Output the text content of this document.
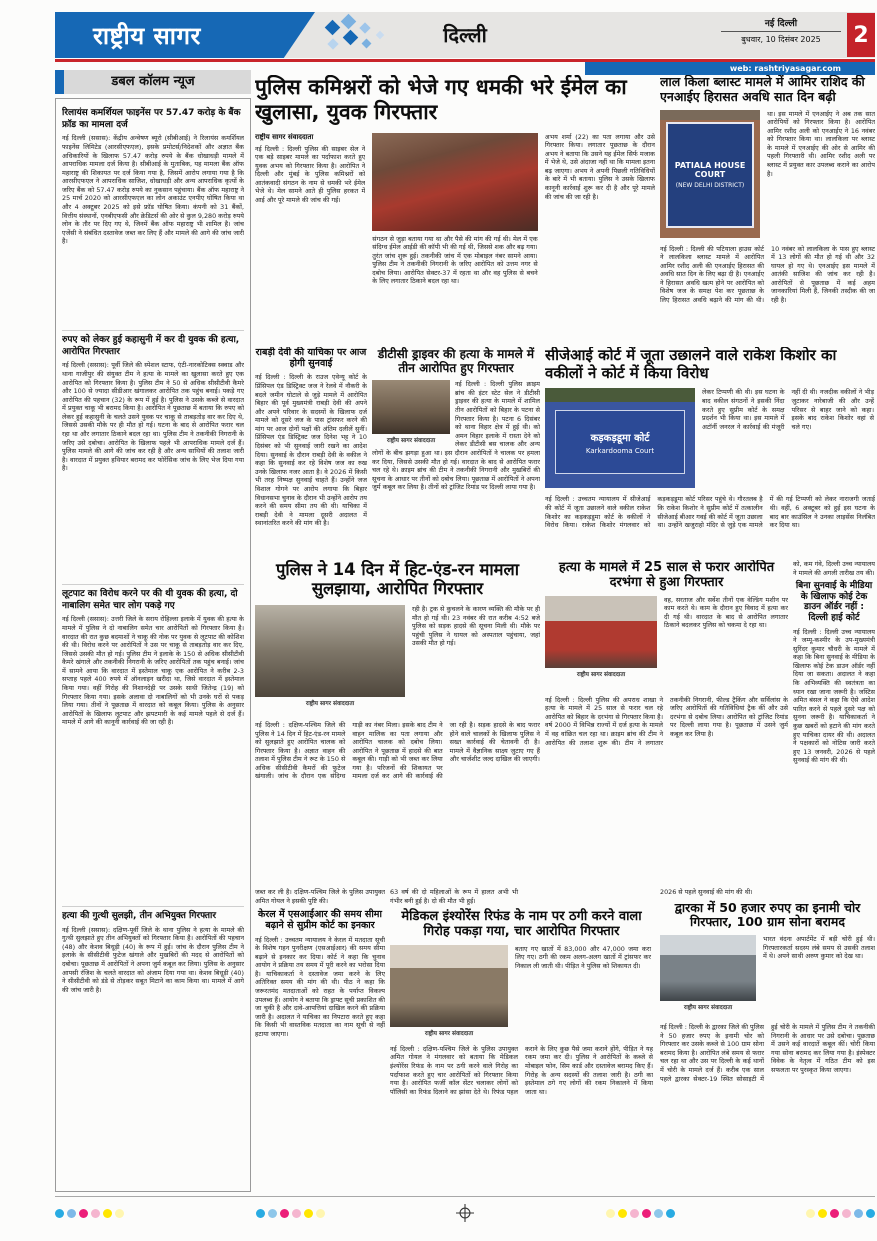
राष्ट्रीय सागर	दिल्ली	नई दिल्ली
बुधवार, 10 दिसंबर 2025	2
web: rashtriyasagar.com
डबल कॉलम न्यूज
रिलायंस कमर्शियल फाइनेंस पर 57.47 करोड़ के बैंक फ्रॉड का मामला दर्ज
नई दिल्ली (ससास): केंद्रीय अन्वेषण ब्यूरो (सीबीआई) ने रिलायंस कमर्शियल फाइनेंस लिमिटेड (आरसीएफएल), इसके प्रमोटर्स/निदेशकों और अज्ञात बैंक अधिकारियों के खिलाफ 57.47 करोड़ रुपये के बैंक धोखाधड़ी मामले में आपराधिक मामला दर्ज किया है। सीबीआई के मुताबिक, यह मामला बैंक ऑफ महाराष्ट्र की शिकायत पर दर्ज किया गया है, जिसमें आरोप लगाया गया है कि आरसीएफएल ने आपराधिक साजिश, धोखाधड़ी और अन्य आपराधिक कृत्यों के जरिए बैंक को 57.47 करोड़ रुपये का नुकसान पहुंचाया। बैंक ऑफ महाराष्ट्र ने 25 मार्च 2020 को आरसीएफएल का लोन अकाउंट एनपीए घोषित किया था और 4 अक्टूबर 2025 को इसे फ्रॉड घोषित किया। कंपनी को 31 बैंकों, वित्तीय संस्थानों, एनबीएफसी और क्रेडिटर्स की ओर से कुल 9,280 करोड़ रुपये लोन के तौर पर दिए गए थे, जिनमें बैंक ऑफ महाराष्ट्र भी शामिल है। जांच एजेंसी ने संबंधित दस्तावेज जब्त कर लिए हैं और मामले की आगे की जांच जारी है।
रुपए को लेकर हुई कहासुनी में कर दी युवक की हत्या, आरोपित गिरफ्तार
नई दिल्ली (ससास): पूर्वी जिले की स्पेशल स्टाफ, एंटी-नारकोटिक्स स्क्वाड और थाना गाजीपुर की संयुक्त टीम ने हत्या के मामले का खुलासा करते हुए एक आरोपित को गिरफ्तार किया है। पुलिस टीम ने 50 से अधिक सीसीटीवी कैमरे और 100 से ज्यादा सीडीआर खंगालकर आरोपित तक पहुंच बनाई। पकड़े गए आरोपित की पहचान (32) के रूप में हुई है। पुलिस ने उसके कब्जे से वारदात में प्रयुक्त चाकू भी बरामद किया है। आरोपित ने पूछताछ में बताया कि रुपए को लेकर हुई कहासुनी के चलते उसने युवक पर चाकू से ताबड़तोड़ वार कर दिए थे, जिससे उसकी मौके पर ही मौत हो गई। घटना के बाद से आरोपित फरार चल रहा था और लगातार ठिकाने बदल रहा था। पुलिस टीम ने तकनीकी निगरानी के जरिए उसे दबोचा। आरोपित के खिलाफ पहले भी आपराधिक मामले दर्ज हैं। पुलिस मामले की आगे की जांच कर रही है और अन्य साथियों की तलाश जारी है। वारदात में प्रयुक्त हथियार बरामद कर फोरेंसिक जांच के लिए भेज दिया गया है।
लूटपाट का विरोध करने पर की थी युवक की हत्या, दो नाबालिग समेत चार लोग पकड़े गए
नई दिल्ली (ससास): उत्तरी जिले के सराय रोहिल्ला इलाके में युवक की हत्या के मामले में पुलिस ने दो नाबालिग समेत चार आरोपितों को गिरफ्तार किया है। वारदात की रात कुछ बदमाशों ने चाकू की नोक पर युवक से लूटपाट की कोशिश की थी। विरोध करने पर आरोपितों ने उस पर चाकू से ताबड़तोड़ वार कर दिए, जिससे उसकी मौत हो गई। पुलिस टीम ने इलाके के 150 से अधिक सीसीटीवी कैमरे खंगाले और तकनीकी निगरानी के जरिए आरोपितों तक पहुंच बनाई। जांच में सामने आया कि वारदात में इस्तेमाल चाकू एक आरोपित ने करीब 2-3 सप्ताह पहले 400 रुपये में ऑनलाइन खरीदा था, जिसे वारदात में इस्तेमाल किया गया। वहीं गिरोह की निशानदेही पर उसके साथी जितेन्द्र (19) को गिरफ्तार किया गया। इसके अलावा दो नाबालिगों को भी उनके घरों से पकड़ लिया गया। तीनों ने पूछताछ में वारदात को कबूल किया। पुलिस के अनुसार आरोपितों के खिलाफ लूटपाट और झपटमारी के कई मामले पहले से दर्ज हैं। मामले में आगे की कानूनी कार्रवाई की जा रही है।
हत्या की गुत्थी सुलझी, तीन अभियुक्त गिरफ्तार
नई दिल्ली (ससास): दक्षिण-पूर्वी जिले के थाना पुलिस ने हत्या के मामले की गुत्थी सुलझाते हुए तीन अभियुक्तों को गिरफ्तार किया है। आरोपितों की पहचान (48) और केशव बिधूड़ी (40) के रूप में हुई। जांच के दौरान पुलिस टीम ने इलाके के सीसीटीवी फुटेज खंगाले और मुखबिरों की मदद से आरोपितों को दबोचा। पूछताछ में आरोपितों ने अपना जुर्म कबूल कर लिया। पुलिस के अनुसार आपसी रंजिश के चलते वारदात को अंजाम दिया गया था। केशव बिधूड़ी (40) ने सीसीटीवी को डंडे से तोड़कर सबूत मिटाने का काम किया था। मामले में आगे की जांच जारी है।
पुलिस कमिश्नरों को भेजे गए धमकी भरे ईमेल का खुलासा, युवक गिरफ्तार
राष्ट्रीय सागर संवाददाता
नई दिल्ली : दिल्ली पुलिस की साइबर सेल ने एक बड़े साइबर मामले का पर्दाफाश करते हुए युवक अभय को गिरफ्तार किया है। आरोपित ने दिल्ली और मुंबई के पुलिस कमिश्नरों को आतंकवादी संगठन के नाम से धमकी भरे ईमेल भेजे थे। मेल सामने आते ही पुलिस हरकत में आई और पूरे मामले की जांच की गई।
संगठन से जुड़ा बताया गया था और पैसे की मांग की गई थी। मेल में एक संदिग्ध ईमेल आईडी की कॉपी भी की गई थी, जिससे शक और बढ़ गया। तुरंत जांच शुरू हुई। तकनीकी जांच में एक मोबाइल नंबर सामने आया। पुलिस टीम ने तकनीकी निगरानी के जरिए आरोपित को उत्तम नगर से दबोच लिया। आरोपित सेक्टर-37 में रहता था और वह पुलिस से बचने के लिए लगातार ठिकाने बदल रहा था।
अभय शर्मा (22) का पता लगाया और उसे गिरफ्तार किया। लगातार पूछताछ के दौरान अभय ने बताया कि उसने यह ईमेल सिर्फ मजाक में भेजे थे, उसे अंदाजा नहीं था कि मामला इतना बढ़ जाएगा। अभय ने अपनी पिछली गतिविधियों के बारे में भी बताया। पुलिस ने उसके खिलाफ कानूनी कार्रवाई शुरू कर दी है और पूरे मामले की जांच की जा रही है।
लाल किला ब्लास्ट मामले में आमिर राशिद की एनआईए हिरासत अवधि सात दिन बढ़ी
PATIALA HOUSE COURT
(NEW DELHI DISTRICT)
था। इस मामले में एनआईए ने अब तक सात आरोपियों को गिरफ्तार किया है। आरोपित आमिर रशीद अली को एनआईए ने 16 नवंबर को गिरफ्तार किया था। लालकिला पर ब्लास्ट के मामले में एनआईए की ओर से आमिर की पहली गिरफ्तारी थी। आमिर रशीद अली पर ब्लास्ट में प्रयुक्त कार उपलब्ध कराने का आरोप है।
नई दिल्ली : दिल्ली की पटियाला हाउस कोर्ट ने लालकिला ब्लास्ट मामले में आरोपित आमिर रशीद अली की एनआईए हिरासत की अवधि सात दिन के लिए बढ़ा दी है। एनआईए ने हिरासत अवधि खत्म होने पर आरोपित को विशेष जज के समक्ष पेश कर पूछताछ के लिए हिरासत अवधि बढ़ाने की मांग की थी। 10 नवंबर को लालकिला के पास हुए ब्लास्ट में 13 लोगों की मौत हो गई थी और 32 घायल हो गए थे। एनआईए इस मामले में आतंकी साजिश की जांच कर रही है। आरोपितों से पूछताछ में कई अहम जानकारियां मिली हैं, जिनकी तस्दीक की जा रही है।
राबड़ी देवी की याचिका पर आज होगी सुनवाई
नई दिल्ली : दिल्ली के राउज एवेन्यू कोर्ट के प्रिंसिपल एंड डिस्ट्रिक्ट जज ने रेलवे में नौकरी के बदले जमीन घोटाले से जुड़े मामले में आरोपित बिहार की पूर्व मुख्यमंत्री राबड़ी देवी की अपने और अपने परिवार के सदस्यों के खिलाफ दर्ज मामले को दूसरे जज के पास ट्रांसफर करने की मांग पर आज दोनों पक्षों की अंतिम दलीलें सुनीं। प्रिंसिपल एंड डिस्ट्रिक्ट जज दिनेश भट्ट ने 10 दिसंबर को भी सुनवाई जारी रखने का आदेश दिया। सुनवाई के दौरान राबड़ी देवी के वकील ने कहा कि सुनवाई कर रहे विशेष जज का रुख उनके खिलाफ नजर आता है। वे 2026 में किसी भी तरह निष्पक्ष सुनवाई चाहते हैं। उन्होंने जज विशाल गोगने पर आरोप लगाया कि बिहार विधानसभा चुनाव के दौरान भी उन्होंने आरोप तय करने की समय सीमा तय की थी। याचिका में राबड़ी देवी ने मामला दूसरी अदालत में स्थानांतरित करने की मांग की है।
डीटीसी ड्राइवर की हत्या के मामले में तीन आरोपित हुए गिरफ्तार
राष्ट्रीय सागर संवाददाता
नई दिल्ली : दिल्ली पुलिस क्राइम ब्रांच की इंटर स्टेट सेल ने डीटीसी ड्राइवर की हत्या के मामले में शामिल तीन आरोपितों को बिहार के पटना से गिरफ्तार किया है। पटना 6 दिसंबर को थाना विहार क्षेत्र में हुई थी। को अमन विहार इलाके में रास्ता देने को लेकर डीटीसी बस चालक और अन्य लोगों के बीच झगड़ा हुआ था। इस दौरान आरोपितों ने चालक पर हमला कर दिया, जिससे उसकी मौत हो गई। वारदात के बाद से आरोपित फरार चल रहे थे। क्राइम ब्रांच की टीम ने तकनीकी निगरानी और मुखबिरों की सूचना के आधार पर तीनों को दबोच लिया। पूछताछ में आरोपितों ने अपना जुर्म कबूल कर लिया है। तीनों को ट्रांजिट रिमांड पर दिल्ली लाया गया है।
सीजेआई कोर्ट में जूता उछालने वाले राकेश किशोर का वकीलों ने कोर्ट में किया विरोध
कड़कड़डूमा कोर्ट
Karkardooma Court
लेकर टिप्पणी की थी। इस घटना के बाद वकील संगठनों ने इसकी निंदा करते हुए सुप्रीम कोर्ट के समक्ष प्रदर्शन भी किया था। इस मामले में अटॉर्नी जनरल ने कार्रवाई की मंजूरी नहीं दी थी। नजदीक वकीलों ने भीड़ जुटाकर नारेबाजी की और उन्हें परिसर से बाहर जाने को कहा। इसके बाद राकेश किशोर वहां से चले गए।
नई दिल्ली : उच्चतम न्यायालय में सीजेआई की कोर्ट में जूता उछालने वाले वकील राकेश किशोर का कड़कड़डूमा कोर्ट के वकीलों ने विरोध किया। राकेश किशोर मंगलवार को कड़कड़डूमा कोर्ट परिसर पहुंचे थे। गौरतलब है कि राकेश किशोर ने सुप्रीम कोर्ट में तत्कालीन सीजेआई बीआर गवई की कोर्ट में जूता उछाला था। उन्होंने खजुराहो मंदिर से जुड़े एक मामले में की गई टिप्पणी को लेकर नाराजगी जताई थी। वहीं, 6 अक्टूबर को हुई इस घटना के बाद बार काउंसिल ने उनका लाइसेंस निलंबित कर दिया था।
पुलिस ने 14 दिन में हिट-एंड-रन मामला सुलझाया, आरोपित गिरफ्तार
राष्ट्रीय सागर संवाददाता
रही है। ट्रक से कुचलने के कारण व्यक्ति की मौके पर ही मौत हो गई थी। 23 नवंबर की रात करीब 4:52 बजे पुलिस को सड़क हादसे की सूचना मिली थी। मौके पर पहुंची पुलिस ने घायल को अस्पताल पहुंचाया, जहां उसकी मौत हो गई।
नई दिल्ली : दक्षिण-पश्चिम जिले की पुलिस ने 14 दिन में हिट-एंड-रन मामले को सुलझाते हुए आरोपित चालक को गिरफ्तार किया है। अज्ञात वाहन की तलाश में पुलिस टीम ने रूट के 150 से अधिक सीसीटीवी कैमरों की फुटेज खंगाली। जांच के दौरान एक संदिग्ध गाड़ी का नंबर मिला। इसके बाद टीम ने वाहन मालिक का पता लगाया और आरोपित चालक को दबोच लिया। आरोपित ने पूछताछ में हादसे की बात कबूल की। गाड़ी को भी जब्त कर लिया गया है। परिजनों की शिकायत पर मामला दर्ज कर आगे की कार्रवाई की जा रही है। सड़क हादसे के बाद फरार होने वाले चालकों के खिलाफ पुलिस ने सख्त कार्रवाई की चेतावनी दी है। मामले में वैज्ञानिक साक्ष्य जुटाए गए हैं और चार्जशीट जल्द दाखिल की जाएगी।
हत्या के मामले में 25 साल से फरार आरोपित दरभंगा से हुआ गिरफ्तार
राष्ट्रीय सागर संवाददाता
वह, सरताज और सर्वेश तीनों एक वेल्डिंग मशीन पर काम करते थे। काम के दौरान हुए विवाद में हत्या कर दी गई थी। वारदात के बाद से आरोपित लगातार ठिकाने बदलकर पुलिस को चकमा दे रहा था।
नई दिल्ली : दिल्ली पुलिस की अपराध शाखा ने हत्या के मामले में 25 साल से फरार चल रहे आरोपित को बिहार के दरभंगा से गिरफ्तार किया है। वर्ष 2000 में विभिन्न राज्यों में दर्ज हत्या के मामले में वह वांछित चल रहा था। क्राइम ब्रांच की टीम ने आरोपित की तलाश शुरू की। टीम ने लगातार तकनीकी निगरानी, फील्ड ट्रैकिंग और सर्विलांस के जरिए आरोपितों की गतिविधियां ट्रैक कीं और उसे दरभंगा से दबोच लिया। आरोपित को ट्रांजिट रिमांड पर दिल्ली लाया गया है। पूछताछ में उसने जुर्म कबूल कर लिया है।
को, कम गंवे, दिल्ली उच्च न्यायालय ने मामले की अगली तारीख तय की।
बिना सुनवाई के मीडिया के खिलाफ कोई टेक डाउन ऑर्डर नहीं : दिल्ली हाई कोर्ट
नई दिल्ली : दिल्ली उच्च न्यायालय ने जम्मू-कश्मीर के उप-मुख्यमंत्री सुरिंदर कुमार चौधरी के मामले में कहा कि बिना सुनवाई के मीडिया के खिलाफ कोई टेक डाउन ऑर्डर नहीं दिया जा सकता। अदालत ने कहा कि अभिव्यक्ति की स्वतंत्रता का ध्यान रखा जाना जरूरी है। जस्टिस अमित बंसल ने कहा कि ऐसे आदेश पारित करने से पहले दूसरे पक्ष को सुनना जरूरी है। याचिकाकर्ता ने कुछ खबरों को हटाने की मांग करते हुए याचिका दायर की थी। अदालत ने पक्षकारों को नोटिस जारी करते हुए 13 जनवरी, 2026 से पहले सुनवाई की मांग की थी।
जब्त कर ली है। दक्षिण-पश्चिम जिले के पुलिस उपायुक्त अमित गोयल ने इसकी पुष्टि की।
केरल में एसआईआर की समय सीमा बढ़ाने से सुप्रीम कोर्ट का इनकार
नई दिल्ली : उच्चतम न्यायालय ने केरल में मतदाता सूची के विशेष गहन पुनरीक्षण (एसआईआर) की समय सीमा बढ़ाने से इनकार कर दिया। कोर्ट ने कहा कि चुनाव आयोग ने प्रक्रिया तय समय में पूरी करने का भरोसा दिया है। याचिकाकर्ता ने दस्तावेज जमा करने के लिए अतिरिक्त समय की मांग की थी। पीठ ने कहा कि जरूरतमंद मतदाताओं को राहत के पर्याप्त विकल्प उपलब्ध हैं। आयोग ने बताया कि ड्राफ्ट सूची प्रकाशित की जा चुकी है और दावे-आपत्तियां दाखिल करने की प्रक्रिया जारी है। अदालत ने याचिका का निपटारा करते हुए कहा कि किसी भी वास्तविक मतदाता का नाम सूची से नहीं हटाया जाएगा।
63 वर्ष की दो महिलाओं के रूप में हालत अभी भी गंभीर बनी हुई है। दो की मौत भी हुई।
मेडिकल इंश्योरेंस रिफंड के नाम पर ठगी करने वाला गिरोह पकड़ा गया, चार आरोपित गिरफ्तार
राष्ट्रीय सागर संवाददाता
बताए गए खातों में 83,000 और 47,000 जमा करा लिए गए। ठगी की रकम अलग-अलग खातों में ट्रांसफर कर निकाल ली जाती थी। पीड़ित ने पुलिस को शिकायत दी।
नई दिल्ली : दक्षिण-पश्चिम जिले के पुलिस उपायुक्त अमित गोयल ने मंगलवार को बताया कि मेडिकल इंश्योरेंस रिफंड के नाम पर ठगी करने वाले गिरोह का पर्दाफाश करते हुए चार आरोपितों को गिरफ्तार किया गया है। आरोपित फर्जी कॉल सेंटर चलाकर लोगों को पॉलिसी का रिफंड दिलाने का झांसा देते थे। रिफंड पहल कराने के लिए कुछ पैसे जमा कराने होंगे, पीड़ित ने यह रकम जमा कर दी। पुलिस ने आरोपितों के कब्जे से मोबाइल फोन, सिम कार्ड और दस्तावेज बरामद किए हैं। गिरोह के अन्य सदस्यों की तलाश जारी है। ठगी का इस्तेमाल ठगे गए लोगों की रकम निकालने में किया जाता था।
2026 से पहले सुनवाई की मांग की थी।
द्वारका में 50 हजार रुपए का इनामी चोर गिरफ्तार, 100 ग्राम सोना बरामद
राष्ट्रीय सागर संवाददाता
भारत वंदना अपार्टमेंट में बड़ी चोरी हुई थी। गिरफ्तारकर्ता सदस्य लंबे समय से उसकी तलाश में थे। अपने साथी अरुण कुमार को देख था।
नई दिल्ली : दिल्ली के द्वारका जिले की पुलिस ने 50 हजार रुपए के इनामी चोर को गिरफ्तार कर उसके कब्जे से 100 ग्राम सोना बरामद किया है। आरोपित लंबे समय से फरार चल रहा था और उस पर दिल्ली के कई थानों में चोरी के मामले दर्ज हैं। करीब एक साल पहले द्वारका सेक्टर-19 स्थित सोसाइटी में हुई चोरी के मामले में पुलिस टीम ने तकनीकी निगरानी के आधार पर उसे दबोचा। पूछताछ में उसने कई वारदातें कबूल कीं। चोरी किया गया सोना बरामद कर लिया गया है। इंस्पेक्टर विवेक के नेतृत्व में गठित टीम को इस सफलता पर पुरस्कृत किया जाएगा।
